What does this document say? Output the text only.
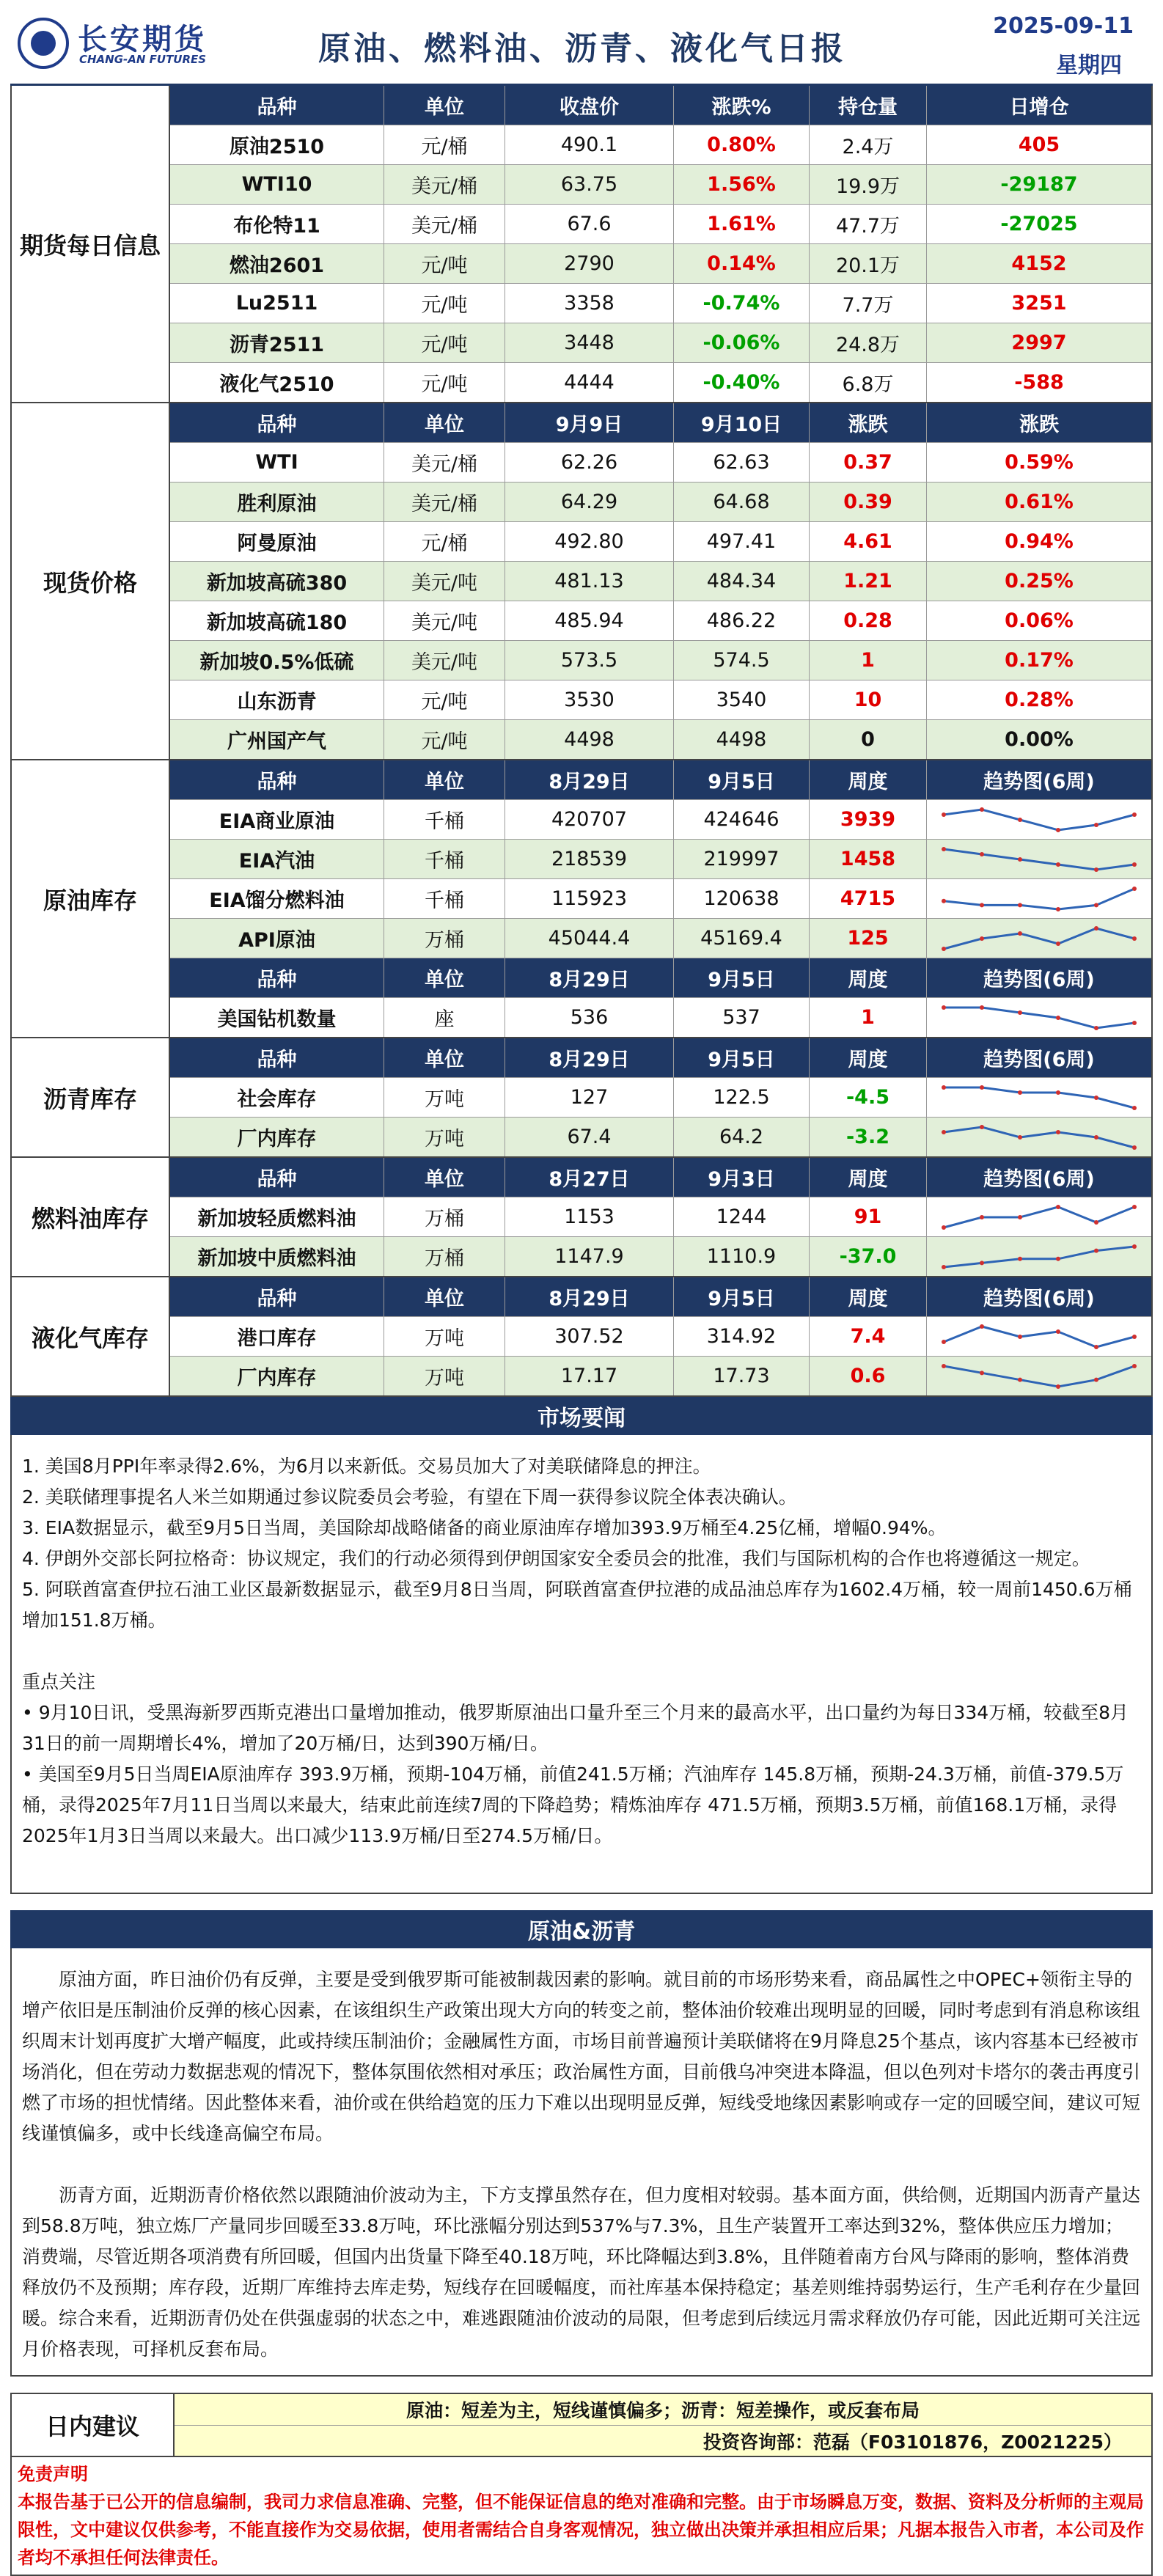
长安期货
CHANG-AN FUTURES	原油、燃料油、沥青、液化气日报
2025-09-11
星期四
期货每日信息
品种	单位	收盘价	涨跌%	持仓量	日增仓
原油2510	元/桶	490.1	0.80%	2.4万	405
WTI10	美元/桶	63.75	1.56%	19.9万	-29187
布伦特11	美元/桶	67.6	1.61%	47.7万	-27025
燃油2601	元/吨	2790	0.14%	20.1万	4152
Lu2511	元/吨	3358	-0.74%	7.7万	3251
沥青2511	元/吨	3448	-0.06%	24.8万	2997
液化气2510	元/吨	4444	-0.40%	6.8万	-588
现货价格
品种	单位	9月9日	9月10日	涨跌	涨跌
WTI	美元/桶	62.26	62.63	0.37	0.59%
胜利原油	美元/桶	64.29	64.68	0.39	0.61%
阿曼原油	元/桶	492.80	497.41	4.61	0.94%
新加坡高硫380	美元/吨	481.13	484.34	1.21	0.25%
新加坡高硫180	美元/吨	485.94	486.22	0.28	0.06%
新加坡0.5%低硫	美元/吨	573.5	574.5	1	0.17%
山东沥青	元/吨	3530	3540	10	0.28%
广州国产气	元/吨	4498	4498	0	0.00%
原油库存
品种	单位	8月29日	9月5日	周度	趋势图(6周)
EIA商业原油	千桶	420707	424646	3939
EIA汽油	千桶	218539	219997	1458
EIA馏分燃料油	千桶	115923	120638	4715
API原油	万桶	45044.4	45169.4	125
品种	单位	8月29日	9月5日	周度	趋势图(6周)
美国钻机数量	座	536	537	1
沥青库存
品种	单位	8月29日	9月5日	周度	趋势图(6周)
社会库存	万吨	127	122.5	-4.5
厂内库存	万吨	67.4	64.2	-3.2
燃料油库存
品种	单位	8月27日	9月3日	周度	趋势图(6周)
新加坡轻质燃料油	万桶	1153	1244	91
新加坡中质燃料油	万桶	1147.9	1110.9	-37.0
液化气库存
品种	单位	8月29日	9月5日	周度	趋势图(6周)
港口库存	万吨	307.52	314.92	7.4
厂内库存	万吨	17.17	17.73	0.6
市场要闻

1. 美国8月PPI年率录得2.6%，为6月以来新低。交易员加大了对美联储降息的押注。

2. 美联储理事提名人米兰如期通过参议院委员会考验，有望在下周一获得参议院全体表决确认。

3. EIA数据显示，截至9月5日当周，美国除却战略储备的商业原油库存增加393.9万桶至4.25亿桶，增幅0.94%。

4. 伊朗外交部长阿拉格奇：协议规定，我们的行动必须得到伊朗国家安全委员会的批准，我们与国际机构的合作也将遵循这一规定。

5. 阿联酋富查伊拉石油工业区最新数据显示，截至9月8日当周，阿联酋富查伊拉港的成品油总库存为1602.4万桶，较一周前1450.6万桶增加151.8万桶。

重点关注

• 9月10日讯，受黑海新罗西斯克港出口量增加推动，俄罗斯原油出口量升至三个月来的最高水平，出口量约为每日334万桶，较截至8月31日的前一周期增长4%，增加了20万桶/日，达到390万桶/日。

• 美国至9月5日当周EIA原油库存 393.9万桶，预期-104万桶，前值241.5万桶；汽油库存 145.8万桶，预期-24.3万桶，前值-379.5万桶，录得2025年7月11日当周以来最大，结束此前连续7周的下降趋势；精炼油库存 471.5万桶，预期3.5万桶，前值168.1万桶，录得2025年1月3日当周以来最大。出口减少113.9万桶/日至274.5万桶/日。

原油&沥青

原油方面，昨日油价仍有反弹，主要是受到俄罗斯可能被制裁因素的影响。就目前的市场形势来看，商品属性之中OPEC+领衔主导的增产依旧是压制油价反弹的核心因素，在该组织生产政策出现大方向的转变之前，整体油价较难出现明显的回暖，同时考虑到有消息称该组织周末计划再度扩大增产幅度，此或持续压制油价；金融属性方面，市场目前普遍预计美联储将在9月降息25个基点，该内容基本已经被市场消化，但在劳动力数据悲观的情况下，整体氛围依然相对承压；政治属性方面，目前俄乌冲突进本降温，但以色列对卡塔尔的袭击再度引燃了市场的担忧情绪。因此整体来看，油价或在供给趋宽的压力下难以出现明显反弹，短线受地缘因素影响或存一定的回暖空间，建议可短线谨慎偏多，或中长线逢高偏空布局。

沥青方面，近期沥青价格依然以跟随油价波动为主，下方支撑虽然存在，但力度相对较弱。基本面方面，供给侧，近期国内沥青产量达到58.8万吨，独立炼厂产量同步回暖至33.8万吨，环比涨幅分别达到537%与7.3%，且生产装置开工率达到32%，整体供应压力增加；消费端，尽管近期各项消费有所回暖，但国内出货量下降至40.18万吨，环比降幅达到3.8%，且伴随着南方台风与降雨的影响，整体消费释放仍不及预期；库存段，近期厂库维持去库走势，短线存在回暖幅度，而社库基本保持稳定；基差则维持弱势运行，生产毛利存在少量回暖。综合来看，近期沥青仍处在供强虚弱的状态之中，难逃跟随油价波动的局限，但考虑到后续远月需求释放仍存可能，因此近期可关注远月价格表现，可择机反套布局。

日内建议
原油：短差为主，短线谨慎偏多；沥青：短差操作，或反套布局
投资咨询部：范磊（F03101876，Z0021225）
免责声明
本报告基于已公开的信息编制，我司力求信息准确、完整，但不能保证信息的绝对准确和完整。由于市场瞬息万变，数据、资料及分析师的主观局限性，文中建议仅供参考，不能直接作为交易依据，使用者需结合自身客观情况，独立做出决策并承担相应后果；凡据本报告入市者，本公司及作者均不承担任何法律责任。
